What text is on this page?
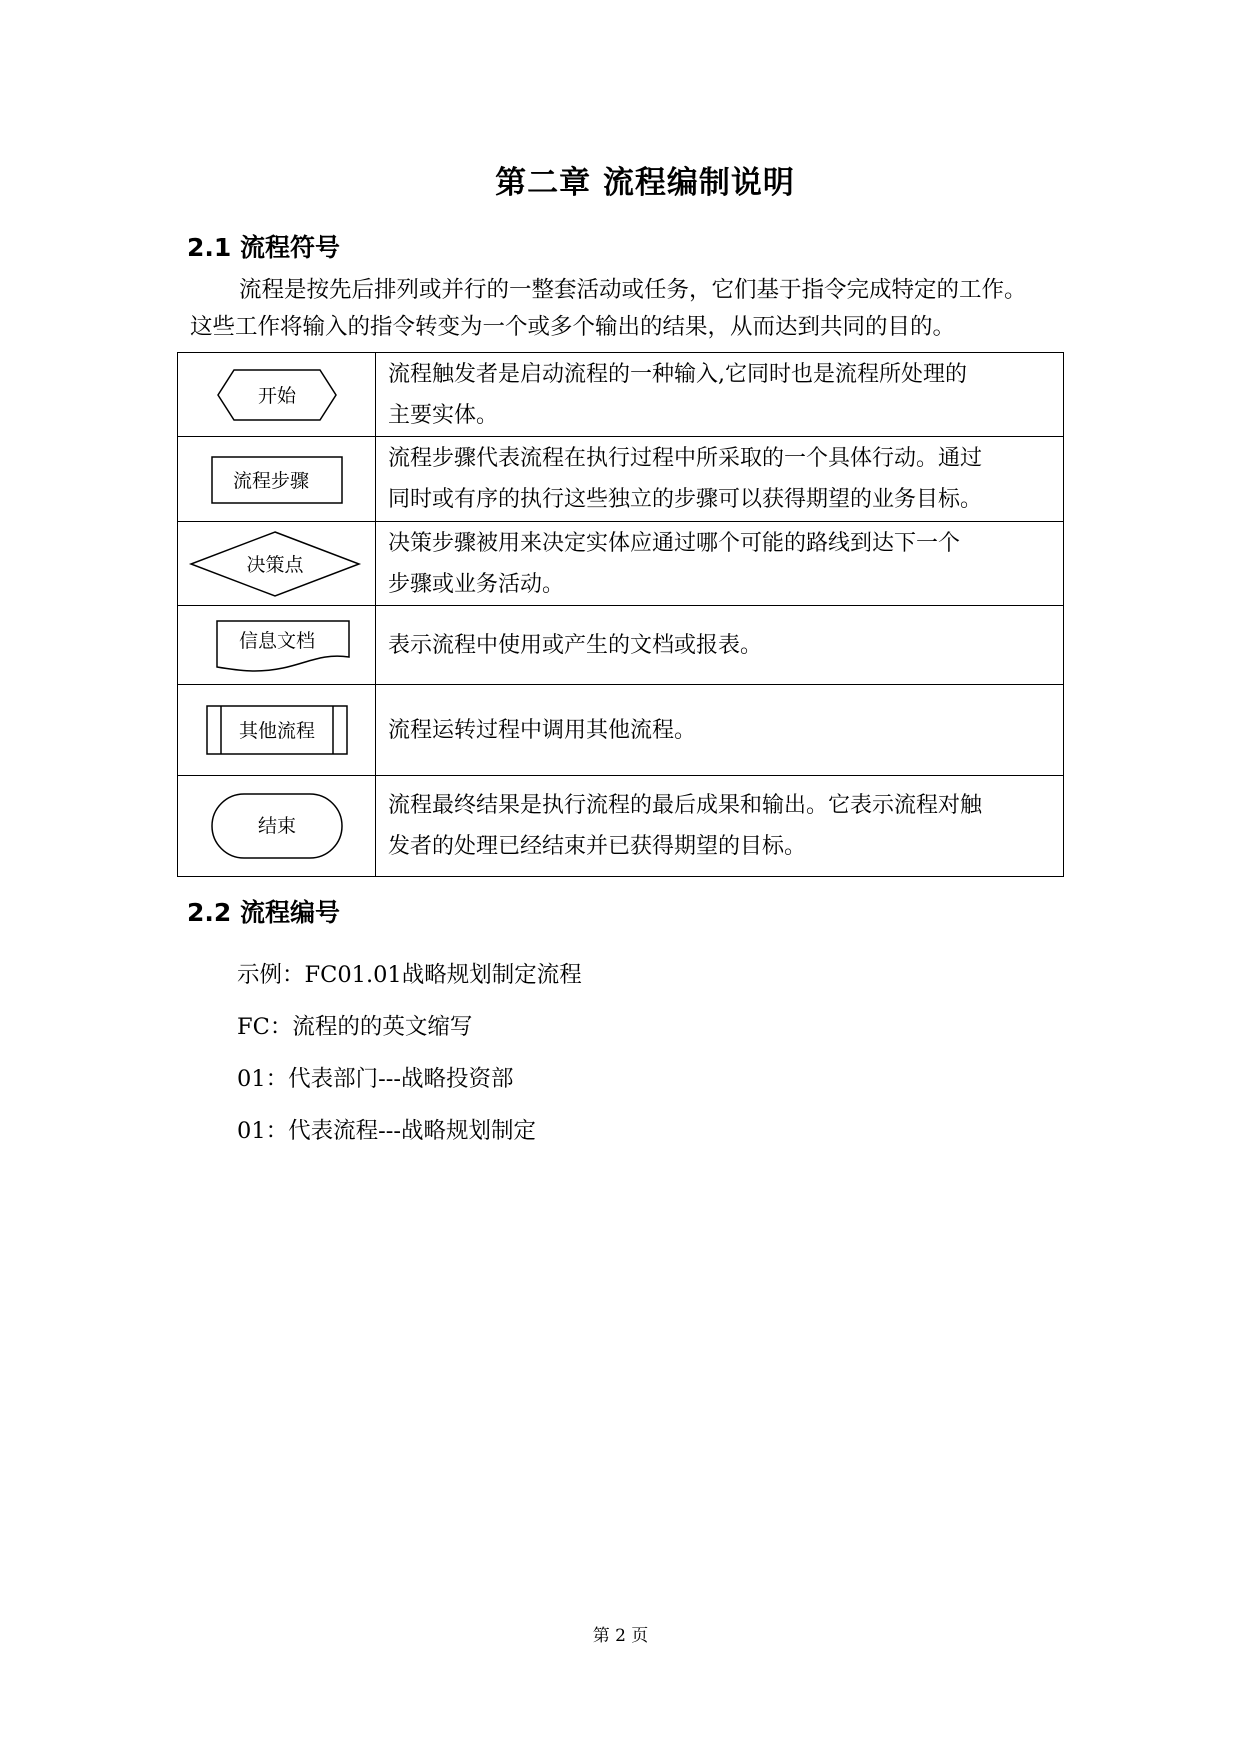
第二章 流程编制说明
2.1 流程符号
流程是按先后排列或并行的一整套活动或任务，它们基于指令完成特定的工作。
这些工作将输入的指令转变为一个或多个输出的结果，从而达到共同的目的。
开始	流程触发者是启动流程的一种输入,它同时也是流程所处理的
主要实体。

流程步骤	流程步骤代表流程在执行过程中所采取的一个具体行动。通过
同时或有序的执行这些独立的步骤可以获得期望的业务目标。

决策点	决策步骤被用来决定实体应通过哪个可能的路线到达下一个
步骤或业务活动。

信息文档	表示流程中使用或产生的文档或报表。

其他流程	流程运转过程中调用其他流程。

结束	流程最终结果是执行流程的最后成果和输出。它表示流程对触
发者的处理已经结束并已获得期望的目标。
2.2 流程编号
示例：FC01.01战略规划制定流程
FC：流程的的英文缩写
01：代表部门---战略投资部
01：代表流程---战略规划制定
第 2 页
